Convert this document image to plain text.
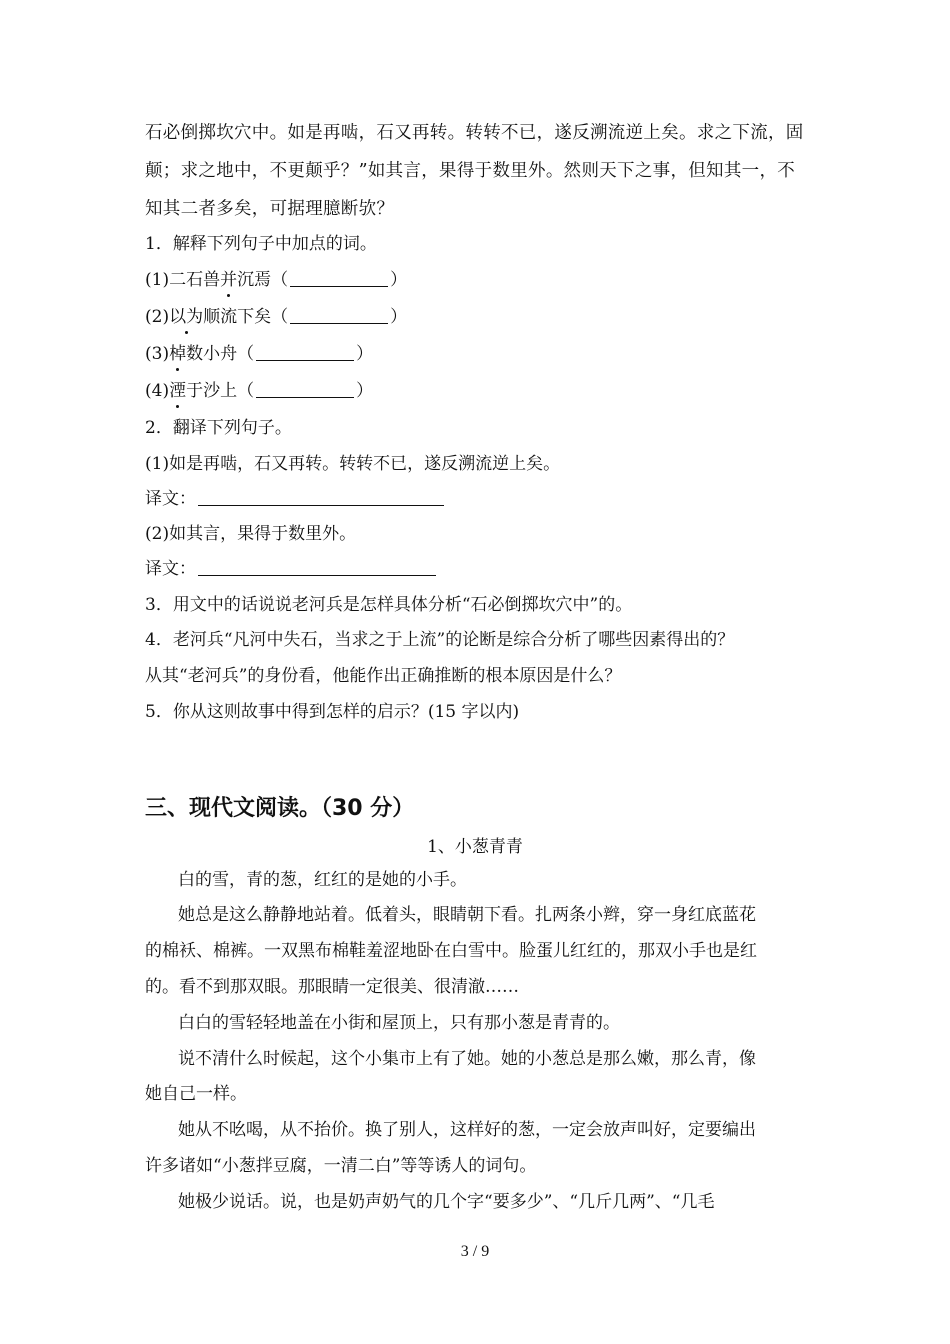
石必倒掷坎穴中。如是再啮，石又再转。转转不已，遂反溯流逆上矣。求之下流，固
颠；求之地中，不更颠乎？”如其言，果得于数里外。然则天下之事，但知其一，不
知其二者多矣，可据理臆断欤？
1．解释下列句子中加点的词。
(1)二石兽并沉焉（	）
(2)以为顺流下矣（	）
(3)棹数小舟（	）
(4)湮于沙上（	）
2．翻译下列句子。
(1)如是再啮，石又再转。转转不已，遂反溯流逆上矣。
译文：
(2)如其言，果得于数里外。
译文：
3．用文中的话说说老河兵是怎样具体分析“石必倒掷坎穴中”的。
4．老河兵“凡河中失石，当求之于上流”的论断是综合分析了哪些因素得出的？
从其“老河兵”的身份看，他能作出正确推断的根本原因是什么？
5．你从这则故事中得到怎样的启示？(15 字以内)
三、现代文阅读。（30 分）
1、小葱青青
白的雪，青的葱，红红的是她的小手。
她总是这么静静地站着。低着头，眼睛朝下看。扎两条小辫，穿一身红底蓝花
的棉袄、棉裤。一双黑布棉鞋羞涩地卧在白雪中。脸蛋儿红红的，那双小手也是红
的。看不到那双眼。那眼睛一定很美、很清澈……
白白的雪轻轻地盖在小街和屋顶上，只有那小葱是青青的。
说不清什么时候起，这个小集市上有了她。她的小葱总是那么嫩，那么青，像
她自己一样。
她从不吆喝，从不抬价。换了别人，这样好的葱，一定会放声叫好，定要编出
许多诸如“小葱拌豆腐，一清二白”等等诱人的词句。
她极少说话。说，也是奶声奶气的几个字“要多少”、“几斤几两”、“几毛
3 / 9
